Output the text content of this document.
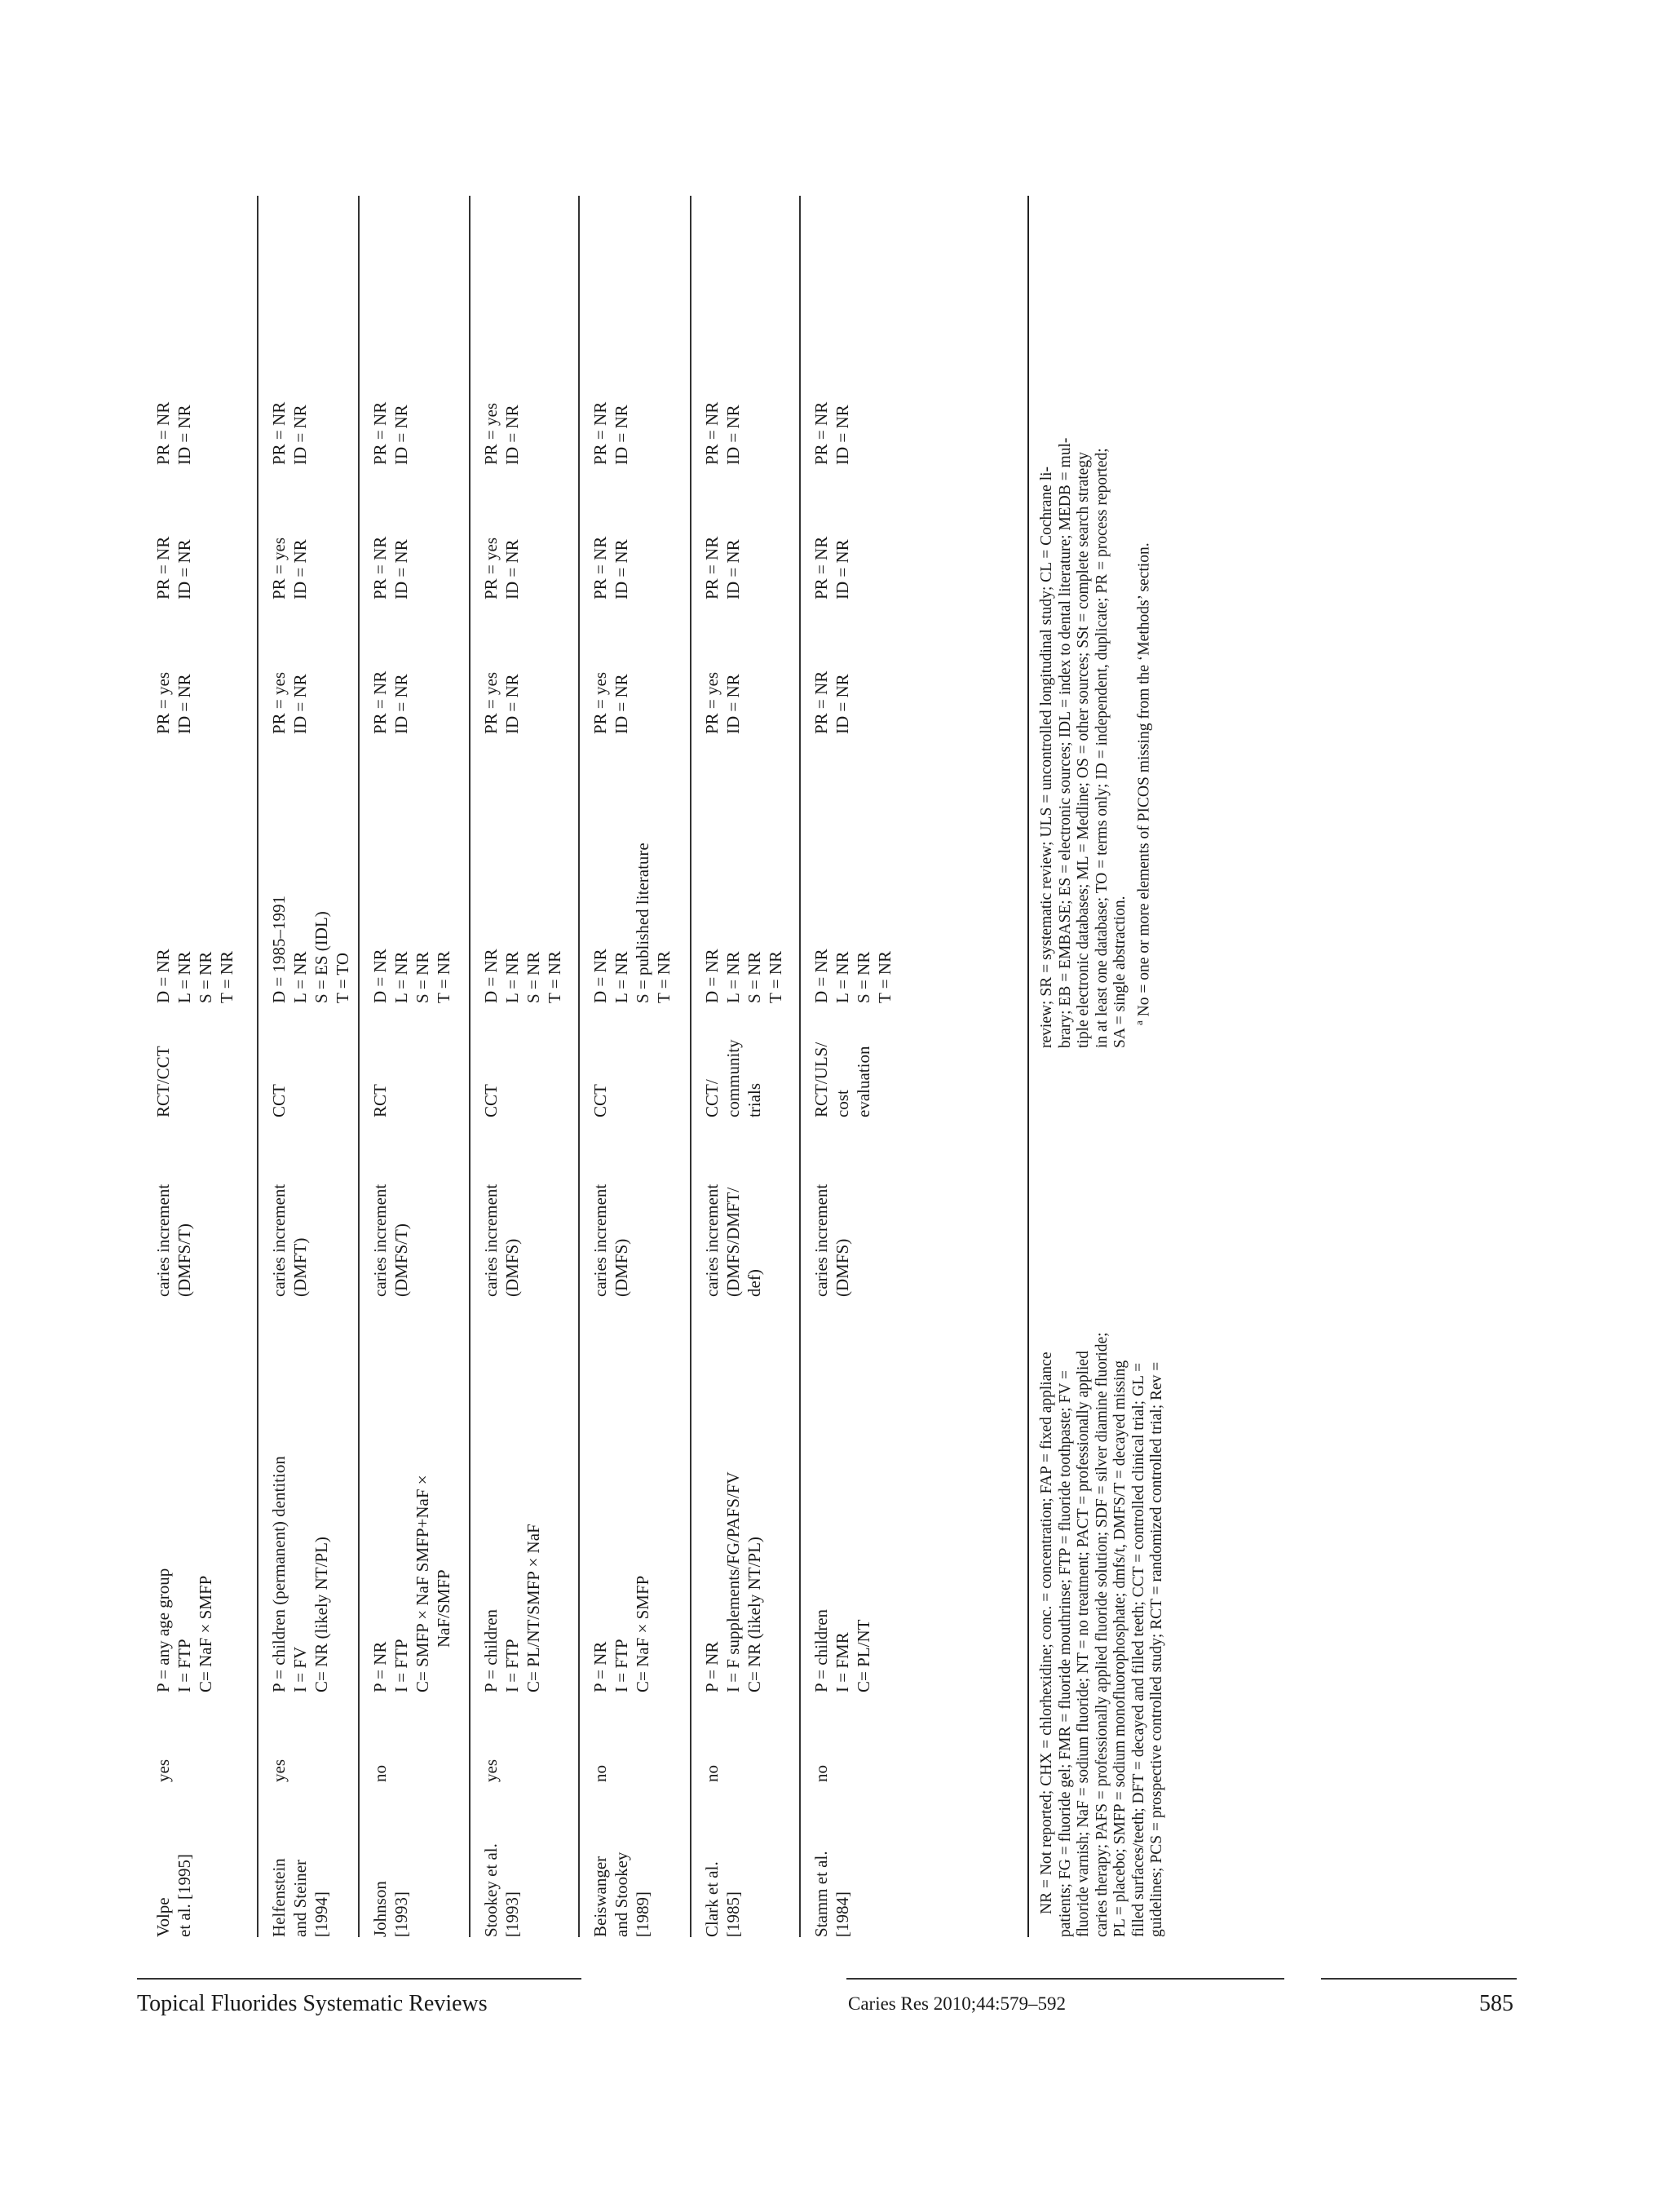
Volpe et al. [1995]
yes
P = any age group I = FTP C= NaF × SMFP
caries increment (DMFS/T)
RCT/CCT
D = NR L = NR S = NR T = NR
PR = yes ID = NR
PR = NR ID = NR
PR = NR ID = NR
Helfenstein and Steiner [1994]
yes
P = children (permanent) dentition I = FV C= NR (likely NT/PL)
caries increment (DMFT)
CCT
D = 1985–1991 L = NR S = ES (IDL) T = TO
PR = yes ID = NR
PR = yes ID = NR
PR = NR ID = NR
Johnson [1993]
no
P = NR I = FTP C= SMFP × NaF SMFP+NaF × NaF/SMFP
caries increment (DMFS/T)
RCT
D = NR L = NR S = NR T = NR
PR = NR ID = NR
PR = NR ID = NR
PR = NR ID = NR
Stookey et al. [1993]
yes
P = children I = FTP C= PL/NT/SMFP × NaF
caries increment (DMFS)
CCT
D = NR L = NR S = NR T = NR
PR = yes ID = NR
PR = yes ID = NR
PR = yes ID = NR
Beiswanger and Stookey [1989]
no
P = NR I = FTP C= NaF × SMFP
caries increment (DMFS)
CCT
D = NR L = NR S = published literature T = NR
PR = yes ID = NR
PR = NR ID = NR
PR = NR ID = NR
Clark et al. [1985]
no
P = NR I = F supplements/FG/PAFS/FV C= NR (likely NT/PL)
caries increment (DMFS/DMFT/ def)
CCT/ community trials
D = NR L = NR S = NR T = NR
PR = yes ID = NR
PR = NR ID = NR
PR = NR ID = NR
Stamm et al. [1984]
no
P = children I = FMR C= PL/NT
caries increment (DMFS)
RCT/ULS/ cost evaluation
D = NR L = NR S = NR T = NR
PR = NR ID = NR
PR = NR ID = NR
PR = NR ID = NR
NR = Not reported; CHX = chlorhexidine; conc. = concentration; FAP = fixed appliance patients; FG = fluoride gel; FMR = fluoride mouthrinse; FTP = fluoride toothpaste; FV = fluoride varnish; NaF = sodium fluoride; NT = no treatment; PACT = professionally applied caries therapy; PAFS = professionally applied fluoride solution; SDF = silver diamine fluoride; PL = placebo; SMFP = sodium monofluorophosphate; dmfs/t, DMFS/T = decayed missing filled surfaces/teeth; DFT = decayed and filled teeth; CCT = controlled clinical trial; GL = guidelines; PCS = prospective controlled study; RCT = randomized controlled trial; Rev =
review; SR = systematic review; ULS = uncontrolled longitudinal study; CL = Cochrane li- brary; EB = EMBASE; ES = electronic sources; IDL = index to dental literature; MEDB = mul- tiple electronic databases; ML = Medline; OS = other sources; SSt = complete search strategy in at least one database; TO = terms only; ID = independent, duplicate; PR = process reported; SA = single abstraction. $^a$ No = one or more elements of PICOS missing from the ‘Methods’ section.
Topical Fluorides Systematic Reviews	Caries Res 2010;44:579–592	585
